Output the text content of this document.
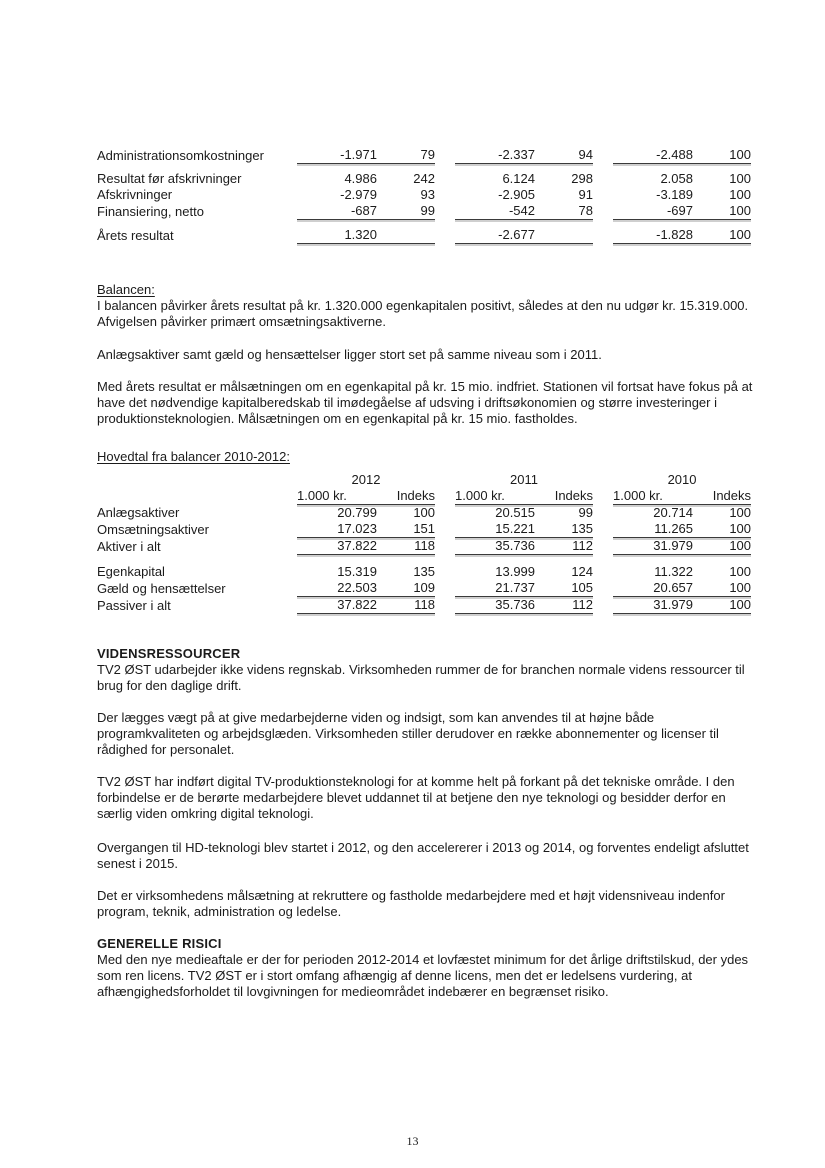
Administrationsomkostninger	-1.971	79		-2.337	94		-2.488	100

Resultat før afskrivninger	4.986	242		6.124	298		2.058	100
Afskrivninger	-2.979	93		-2.905	91		-3.189	100
Finansiering, netto	-687	99		-542	78		-697	100

Årets resultat	1.320			-2.677			-1.828	100
Balancen:

I balancen påvirker årets resultat på kr. 1.320.000 egenkapitalen positivt, således at den nu udgør kr. 15.319.000. Afvigelsen påvirker primært omsætningsaktiverne.

Anlægsaktiver samt gæld og hensættelser ligger stort set på samme niveau som i 2011.

Med årets resultat er målsætningen om en egenkapital på kr. 15 mio. indfriet. Stationen vil fortsat have fokus på at have det nødvendige kapitalberedskab til imødegåelse af udsving i driftsøkonomien og større investeringer i produktionsteknologien. Målsætningen om en egenkapital på kr. 15 mio. fastholdes.

Hovedtal fra balancer 2010-2012:
	2012			2011			2010	
	1.000 kr.	Indeks		1.000 kr.	Indeks		1.000 kr.	Indeks
Anlægsaktiver	20.799	100		20.515	99		20.714	100
Omsætningsaktiver	17.023	151		15.221	135		11.265	100
Aktiver i alt	37.822	118		35.736	112		31.979	100

Egenkapital	15.319	135		13.999	124		11.322	100
Gæld og hensættelser	22.503	109		21.737	105		20.657	100
Passiver i alt	37.822	118		35.736	112		31.979	100
VIDENSRESSOURCER

TV2 ØST udarbejder ikke videns regnskab. Virksomheden rummer de for branchen normale videns ressourcer til brug for den daglige drift.

Der lægges vægt på at give medarbejderne viden og indsigt, som kan anvendes til at højne både programkvaliteten og arbejdsglæden. Virksomheden stiller derudover en række abonnementer og licenser til rådighed for personalet.

TV2 ØST har indført digital TV-produktionsteknologi for at komme helt på forkant på det tekniske område. I den forbindelse er de berørte medarbejdere blevet uddannet til at betjene den nye teknologi og besidder derfor en særlig viden omkring digital teknologi.

Overgangen til HD-teknologi blev startet i 2012, og den accelererer i 2013 og 2014, og forventes endeligt afsluttet senest i 2015.

Det er virksomhedens målsætning at rekruttere og fastholde medarbejdere med et højt vidensniveau indenfor program, teknik, administration og ledelse.

GENERELLE RISICI

Med den nye medieaftale er der for perioden 2012-2014 et lovfæstet minimum for det årlige driftstilskud, der ydes som ren licens. TV2 ØST er i stort omfang afhængig af denne licens, men det er ledelsens vurdering, at afhængighedsforholdet til lovgivningen for medieområdet indebærer en begrænset risiko.

13
